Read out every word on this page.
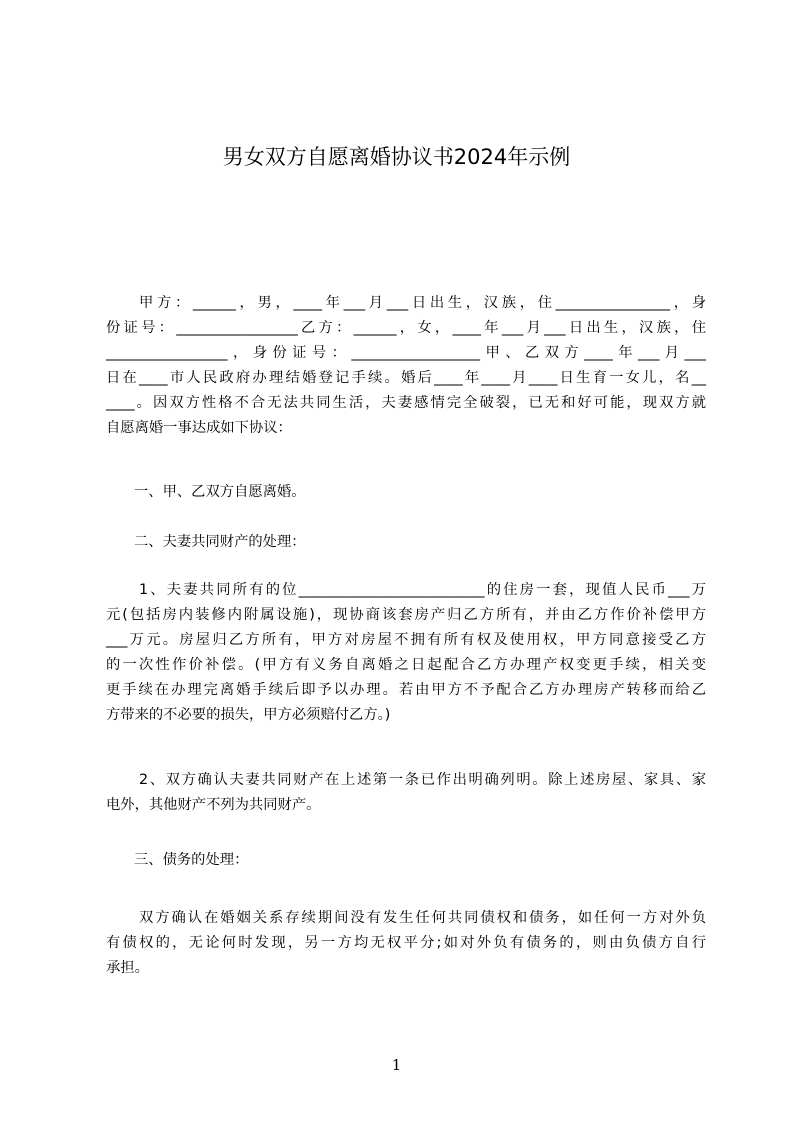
男女双方自愿离婚协议书2024年示例
甲方：______，男，____年___月___日出生，汉族，住________________，身
份证号：_________________乙方：______，女，____年___月___日出生，汉族，住
_________________，身份证号：__________________甲、乙双方____年___月___
日在____市人民政府办理结婚登记手续。婚后____年____月____日生育一女儿，名__
____。因双方性格不合无法共同生活，夫妻感情完全破裂，已无和好可能，现双方就
自愿离婚一事达成如下协议：
一、甲、乙双方自愿离婚。
二、夫妻共同财产的处理：
1、夫妻共同所有的位__________________________的住房一套，现值人民币___万
元(包括房内装修内附属设施)，现协商该套房产归乙方所有，并由乙方作价补偿甲方
___万元。房屋归乙方所有，甲方对房屋不拥有所有权及使用权，甲方同意接受乙方
的一次性作价补偿。(甲方有义务自离婚之日起配合乙方办理产权变更手续，相关变
更手续在办理完离婚手续后即予以办理。若由甲方不予配合乙方办理房产转移而给乙
方带来的不必要的损失，甲方必须赔付乙方。)
2、双方确认夫妻共同财产在上述第一条已作出明确列明。除上述房屋、家具、家
电外，其他财产不列为共同财产。
三、债务的处理：
双方确认在婚姻关系存续期间没有发生任何共同债权和债务，如任何一方对外负
有债权的，无论何时发现，另一方均无权平分;如对外负有债务的，则由负债方自行
承担。
1
